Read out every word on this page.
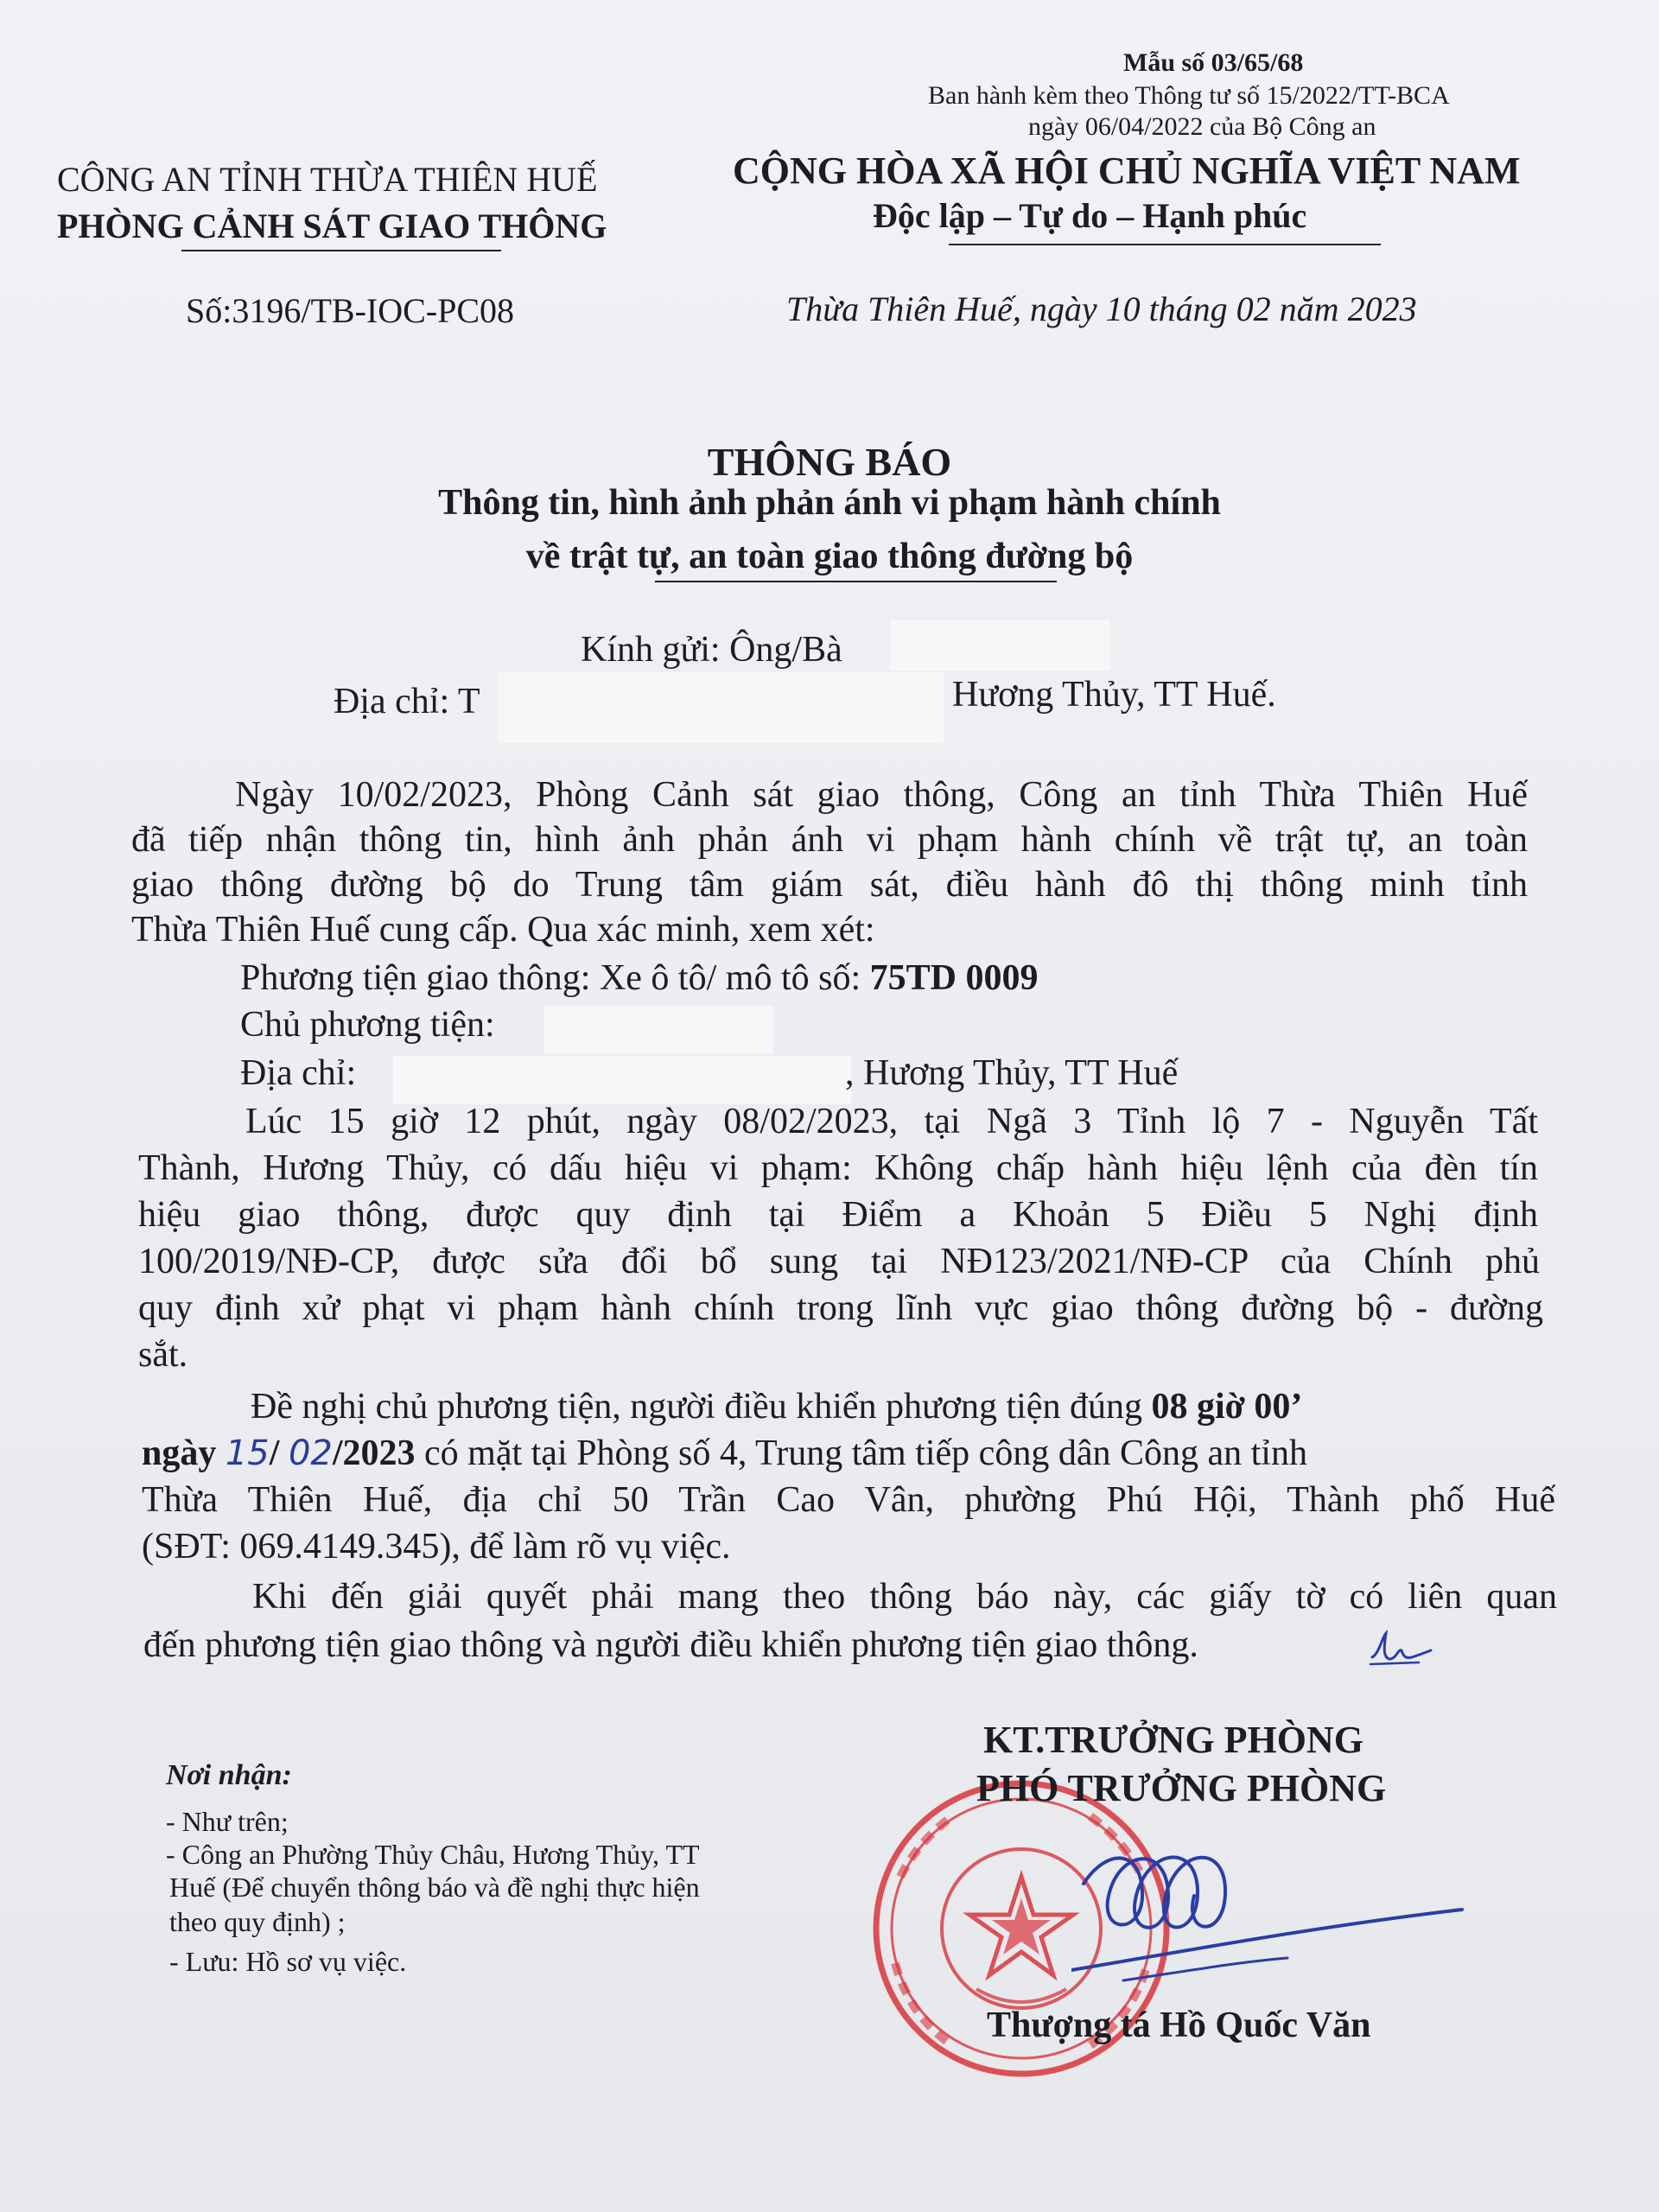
Mẫu số 03/65/68
Ban hành kèm theo Thông tư số 15/2022/TT-BCA
ngày 06/04/2022 của Bộ Công an
CÔNG AN TỈNH THỪA THIÊN HUẾ
PHÒNG CẢNH SÁT GIAO THÔNG
CỘNG HÒA XÃ HỘI CHỦ NGHĨA VIỆT NAM
Độc lập – Tự do – Hạnh phúc
Số:3196/TB-IOC-PC08	Thừa Thiên Huế, ngày 10 tháng 02 năm 2023
THÔNG BÁO
Thông tin, hình ảnh phản ánh vi phạm hành chính
về trật tự, an toàn giao thông đường bộ
Kính gửi: Ông/Bà
Địa chỉ: T	Hương Thủy, TT Huế.
Ngày 10/02/2023, Phòng Cảnh sát giao thông, Công an tỉnh Thừa Thiên Huế
đã tiếp nhận thông tin, hình ảnh phản ánh vi phạm hành chính về trật tự, an toàn
giao thông đường bộ do Trung tâm giám sát, điều hành đô thị thông minh tỉnh
Thừa Thiên Huế cung cấp. Qua xác minh, xem xét:
Phương tiện giao thông: Xe ô tô/ mô tô số: 75TD 0009
Chủ phương tiện:
Địa chỉ:	, Hương Thủy, TT Huế
Lúc 15 giờ 12 phút, ngày 08/02/2023, tại Ngã 3 Tỉnh lộ 7 - Nguyễn Tất
Thành, Hương Thủy, có dấu hiệu vi phạm: Không chấp hành hiệu lệnh của đèn tín
hiệu giao thông, được quy định tại Điểm a Khoản 5 Điều 5 Nghị định
100/2019/NĐ-CP, được sửa đổi bổ sung tại NĐ123/2021/NĐ-CP của Chính phủ
quy định xử phạt vi phạm hành chính trong lĩnh vực giao thông đường bộ - đường
sắt.
Đề nghị chủ phương tiện, người điều khiển phương tiện đúng 08 giờ 00’
ngày 15/ 02/2023 có mặt tại Phòng số 4, Trung tâm tiếp công dân Công an tỉnh
Thừa Thiên Huế, địa chỉ 50 Trần Cao Vân, phường Phú Hội, Thành phố Huế
(SĐT: 069.4149.345), để làm rõ vụ việc.
Khi đến giải quyết phải mang theo thông báo này, các giấy tờ có liên quan
đến phương tiện giao thông và người điều khiển phương tiện giao thông.
Nơi nhận:
- Như trên;
- Công an Phường Thủy Châu, Hương Thủy, TT
Huế (Để chuyển thông báo và đề nghị thực hiện
theo quy định) ;
- Lưu: Hồ sơ vụ việc.
KT.TRƯỞNG PHÒNG
PHÓ TRƯỞNG PHÒNG
Thượng tá Hồ Quốc Văn
